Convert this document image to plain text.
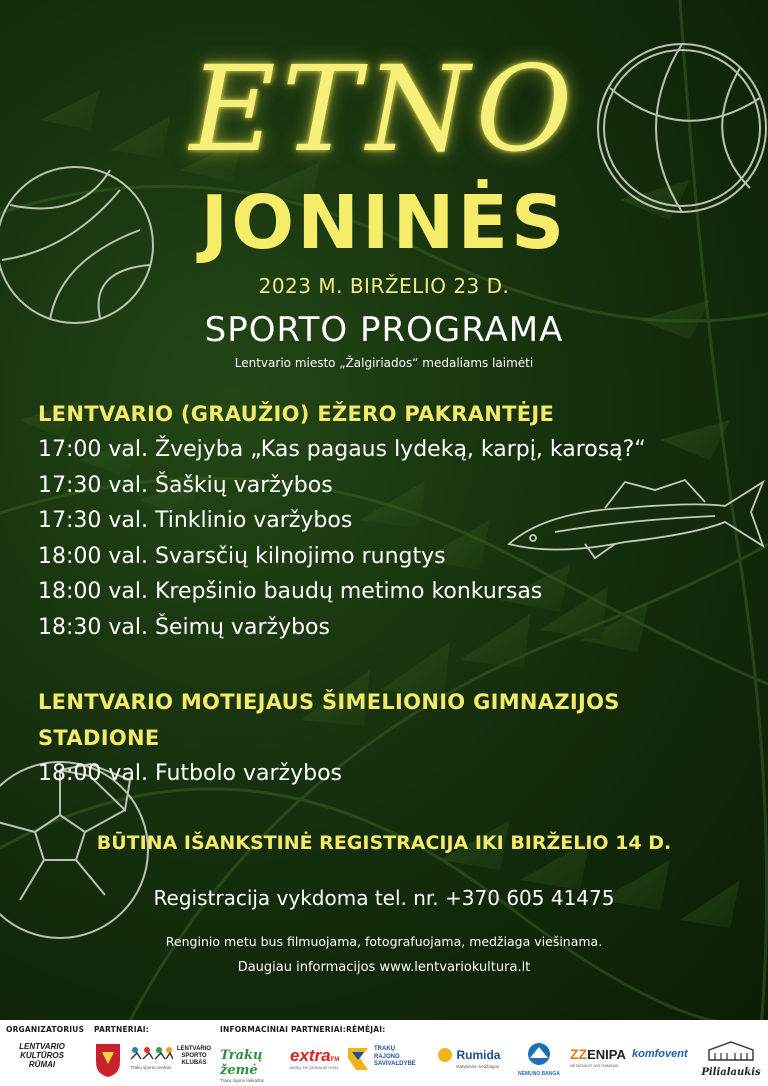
ETNO
JONINĖS
2023 M. BIRŽELIO 23 D.
SPORTO PROGRAMA
Lentvario miesto „Žalgiriados“ medaliams laimėti
LENTVARIO (GRAUŽIO) EŽERO PAKRANTĖJE
17:00 val. Žvejyba „Kas pagaus lydeką, karpį, karosą?“
17:30 val. Šaškių varžybos
17:30 val. Tinklinio varžybos
18:00 val. Svarsčių kilnojimo rungtys
18:00 val. Krepšinio baudų metimo konkursas
18:30 val. Šeimų varžybos
LENTVARIO MOTIEJAUS ŠIMELIONIO GIMNAZIJOS
STADIONE
18:00 val. Futbolo varžybos
BŪTINA IŠANKSTINĖ REGISTRACIJA IKI BIRŽELIO 14 D.
Registracija vykdoma tel. nr. +370 605 41475
Renginio metu bus filmuojama, fotografuojama, medžiaga viešinama.
Daugiau informacijos www.lentvariokultura.lt
ORGANIZATORIUS PARTNERIAI:	INFORMACINIAI PARTNERIAI: RĖMĖJAI:
LENTVARIO
KULTŪROS
RŪMAI	Trakų sporto centras
LENTVARIO
SPORTO
KLUBAS	Trakų žemė
Trakų rajono laikraštis
extraFM
MŪSŲ TIK GERIAUSI HITAI
TRAKŲ
RAJONO
SAVIVALDYBĖ
Rumida
statybinės medžiagos
NEMUNO BANGA
ZZENIPA
MEDIENA IR JOS GAMINIAI
komfovent
Pilialaukis
